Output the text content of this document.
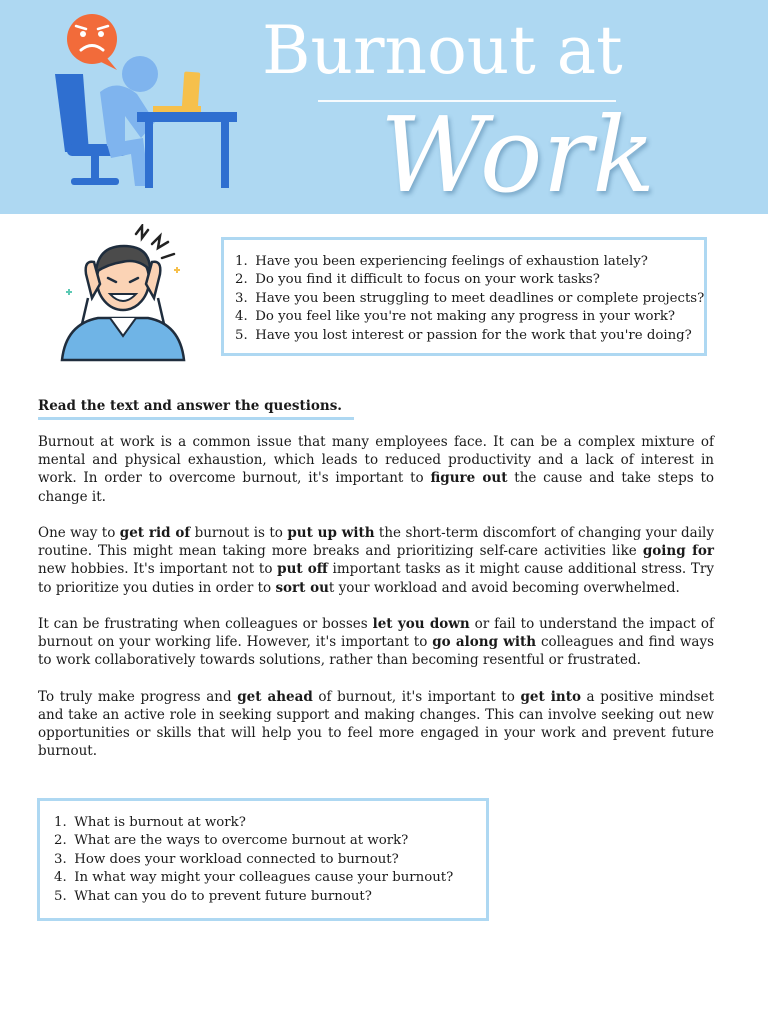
Burnout at
Work
1. Have you been experiencing feelings of exhaustion lately?
2. Do you find it difficult to focus on your work tasks?
3. Have you been struggling to meet deadlines or complete projects?
4. Do you feel like you're not making any progress in your work?
5. Have you lost interest or passion for the work that you're doing?
Read the text and answer the questions.

Burnout at work is a common issue that many employees face. It can be a complex mixture of mental and physical exhaustion, which leads to reduced productivity and a lack of interest in work. In order to overcome burnout, it's important to figure out the cause and take steps to change it.

One way to get rid of burnout is to put up with the short-term discomfort of changing your daily routine. This might mean taking more breaks and prioritizing self-care activities like going for new hobbies. It's important not to put off important tasks as it might cause additional stress. Try to prioritize you duties in order to sort out your workload and avoid becoming overwhelmed.

It can be frustrating when colleagues or bosses let you down or fail to understand the impact of burnout on your working life. However, it's important to go along with colleagues and find ways to work collaboratively towards solutions, rather than becoming resentful or frustrated.

To truly make progress and get ahead of burnout, it's important to get into a positive mindset and take an active role in seeking support and making changes. This can involve seeking out new opportunities or skills that will help you to feel more engaged in your work and prevent future burnout.

1. What is burnout at work?
2. What are the ways to overcome burnout at work?
3. How does your workload connected to burnout?
4. In what way might your colleagues cause your burnout?
5. What can you do to prevent future burnout?
